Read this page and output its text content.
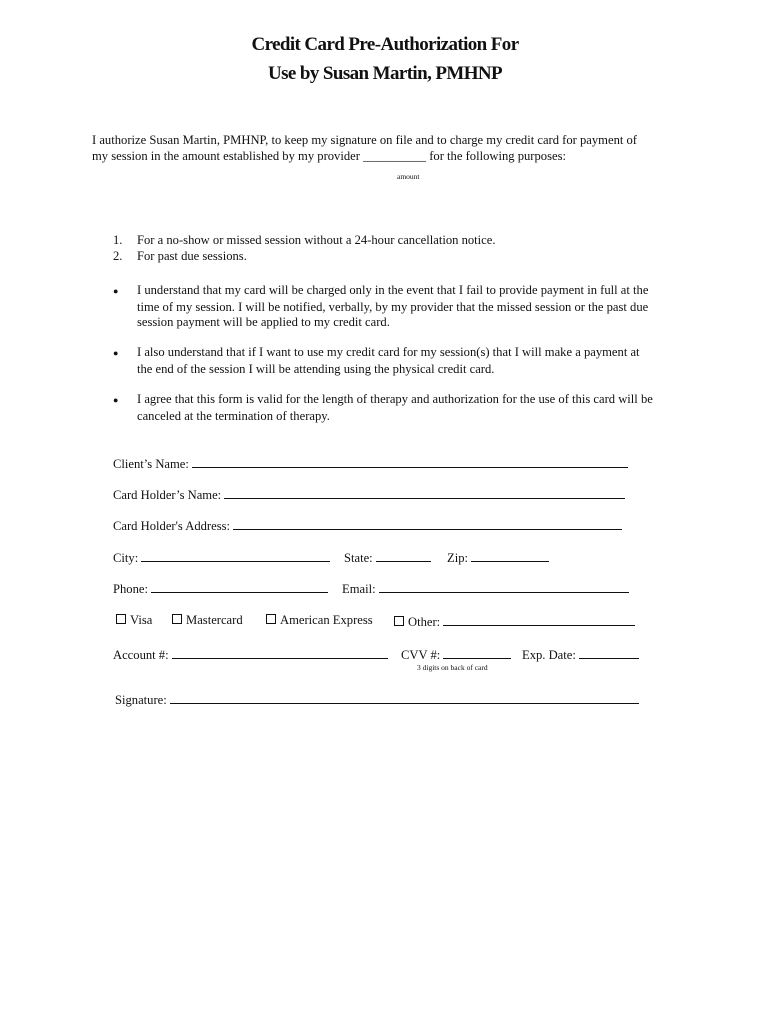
Credit Card Pre-Authorization For
Use by Susan Martin, PMHNP
I authorize Susan Martin, PMHNP, to keep my signature on file and to charge my credit card for payment of
my session in the amount established by my provider __________ for the following purposes:
amount
1. For a no-show or missed session without a 24-hour cancellation notice.
2. For past due sessions.
● I understand that my card will be charged only in the event that I fail to provide payment in full at the
time of my session. I will be notified, verbally, by my provider that the missed session or the past due
session payment will be applied to my credit card.
● I also understand that if I want to use my credit card for my session(s) that I will make a payment at
the end of the session I will be attending using the physical credit card.
● I agree that this form is valid for the length of therapy and authorization for the use of this card will be
canceled at the termination of therapy.
Client’s Name:
Card Holder’s Name:
Card Holder's Address:
City:	State:	Zip:
Phone:	Email:
Visa	Mastercard	American Express	Other:
Account #:	CVV #:	Exp. Date:
3 digits on back of card
Signature:
